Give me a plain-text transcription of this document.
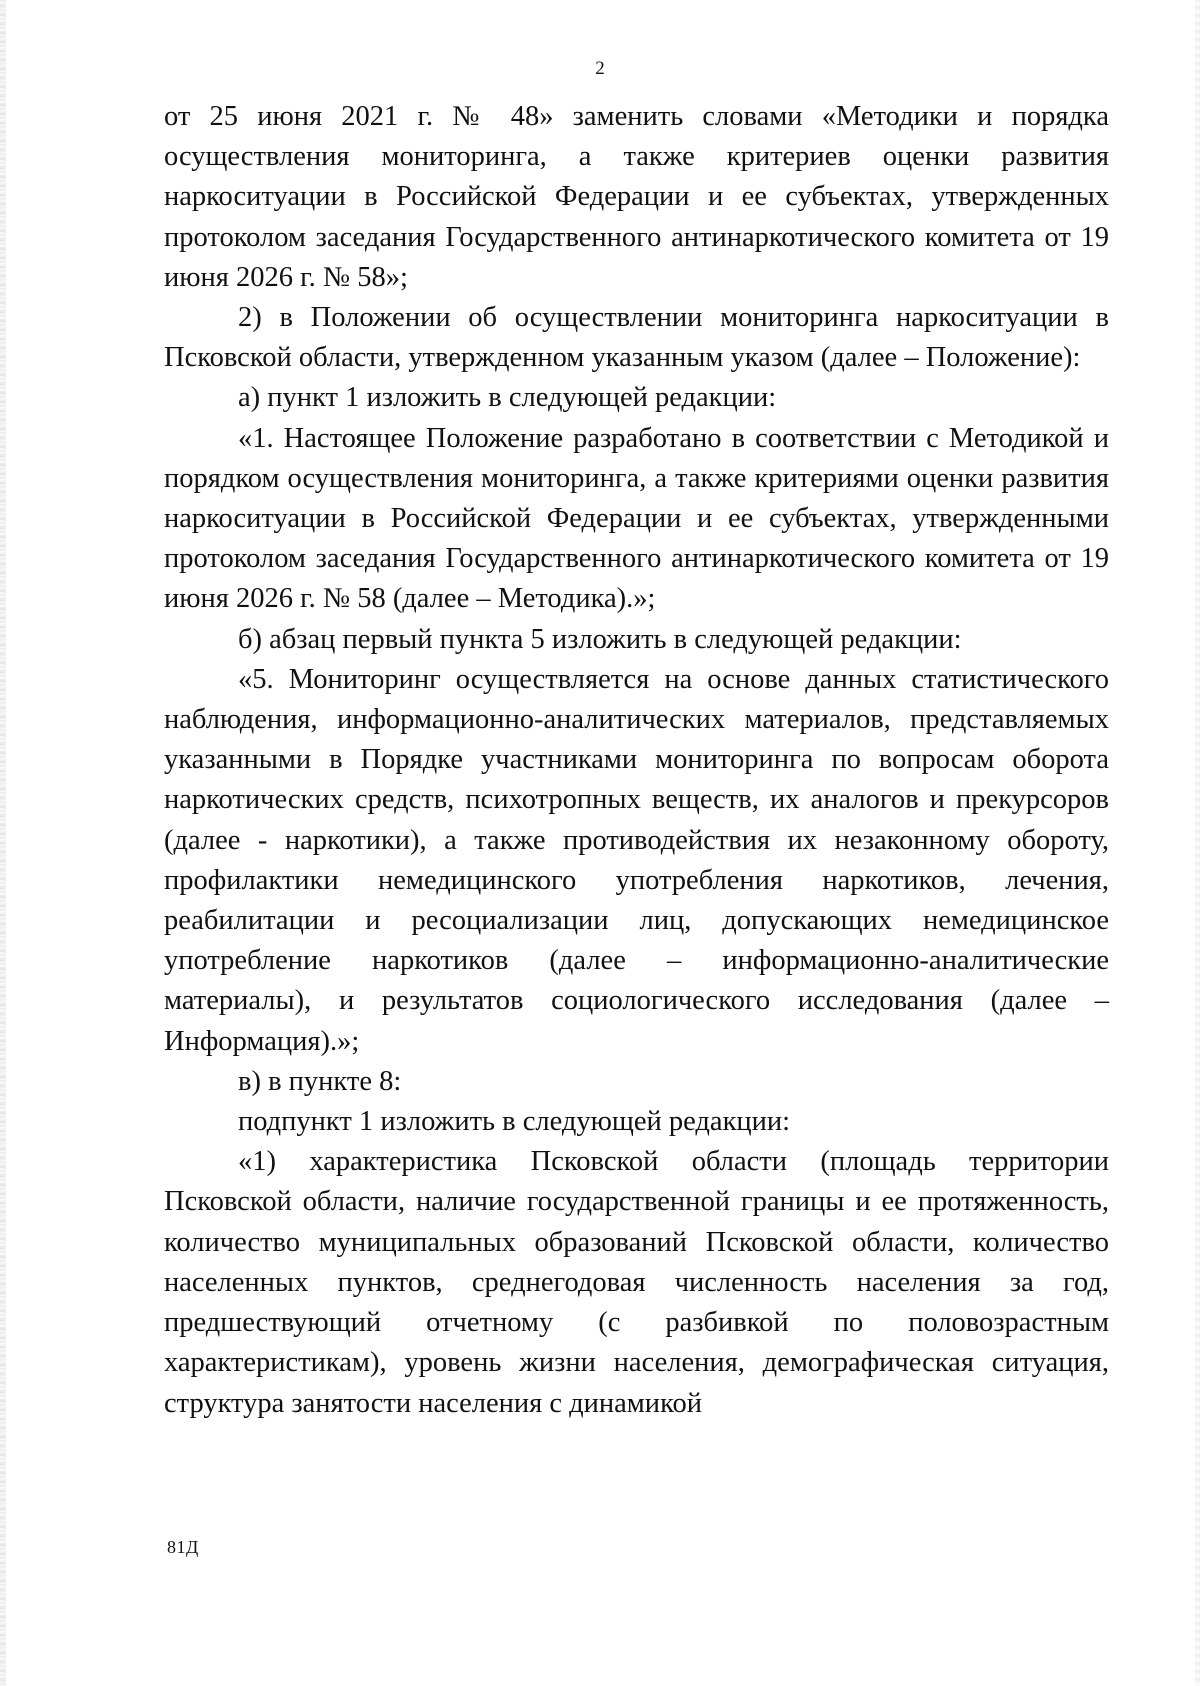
2

от 25 июня 2021 г. № 48» заменить словами «Методики и порядка осуществления мониторинга, а также критериев оценки развития наркоситуации в Российской Федерации и ее субъектах, утвержденных протоколом заседания Государственного антинаркотического комитета от 19 июня 2026 г. № 58»;

2) в Положении об осуществлении мониторинга наркоситуации в Псковской области, утвержденном указанным указом (далее – Положение):

а) пункт 1 изложить в следующей редакции:

«1. Настоящее Положение разработано в соответствии с Методикой и порядком осуществления мониторинга, а также критериями оценки развития наркоситуации в Российской Федерации и ее субъектах, утвержденными протоколом заседания Государственного антинаркотического комитета от 19 июня 2026 г. № 58 (далее – Методика).»;

б) абзац первый пункта 5 изложить в следующей редакции:

«5. Мониторинг осуществляется на основе данных статистического наблюдения, информационно-аналитических материалов, представляемых указанными в Порядке участниками мониторинга по вопросам оборота наркотических средств, психотропных веществ, их аналогов и прекурсоров (далее - наркотики), а также противодействия их незаконному обороту, профилактики немедицинского употребления наркотиков, лечения, реабилитации и ресоциализации лиц, допускающих немедицинское употребление наркотиков (далее – информационно-аналитические материалы), и результатов социологического исследования (далее – Информация).»;

в) в пункте 8:

подпункт 1 изложить в следующей редакции:

«1) характеристика Псковской области (площадь территории Псковской области, наличие государственной границы и ее протяженность, количество муниципальных образований Псковской области, количество населенных пунктов, среднегодовая численность населения за год, предшествующий отчетному (с разбивкой по половозрастным характеристикам), уровень жизни населения, демографическая ситуация, структура занятости населения с динамикой

81Д
